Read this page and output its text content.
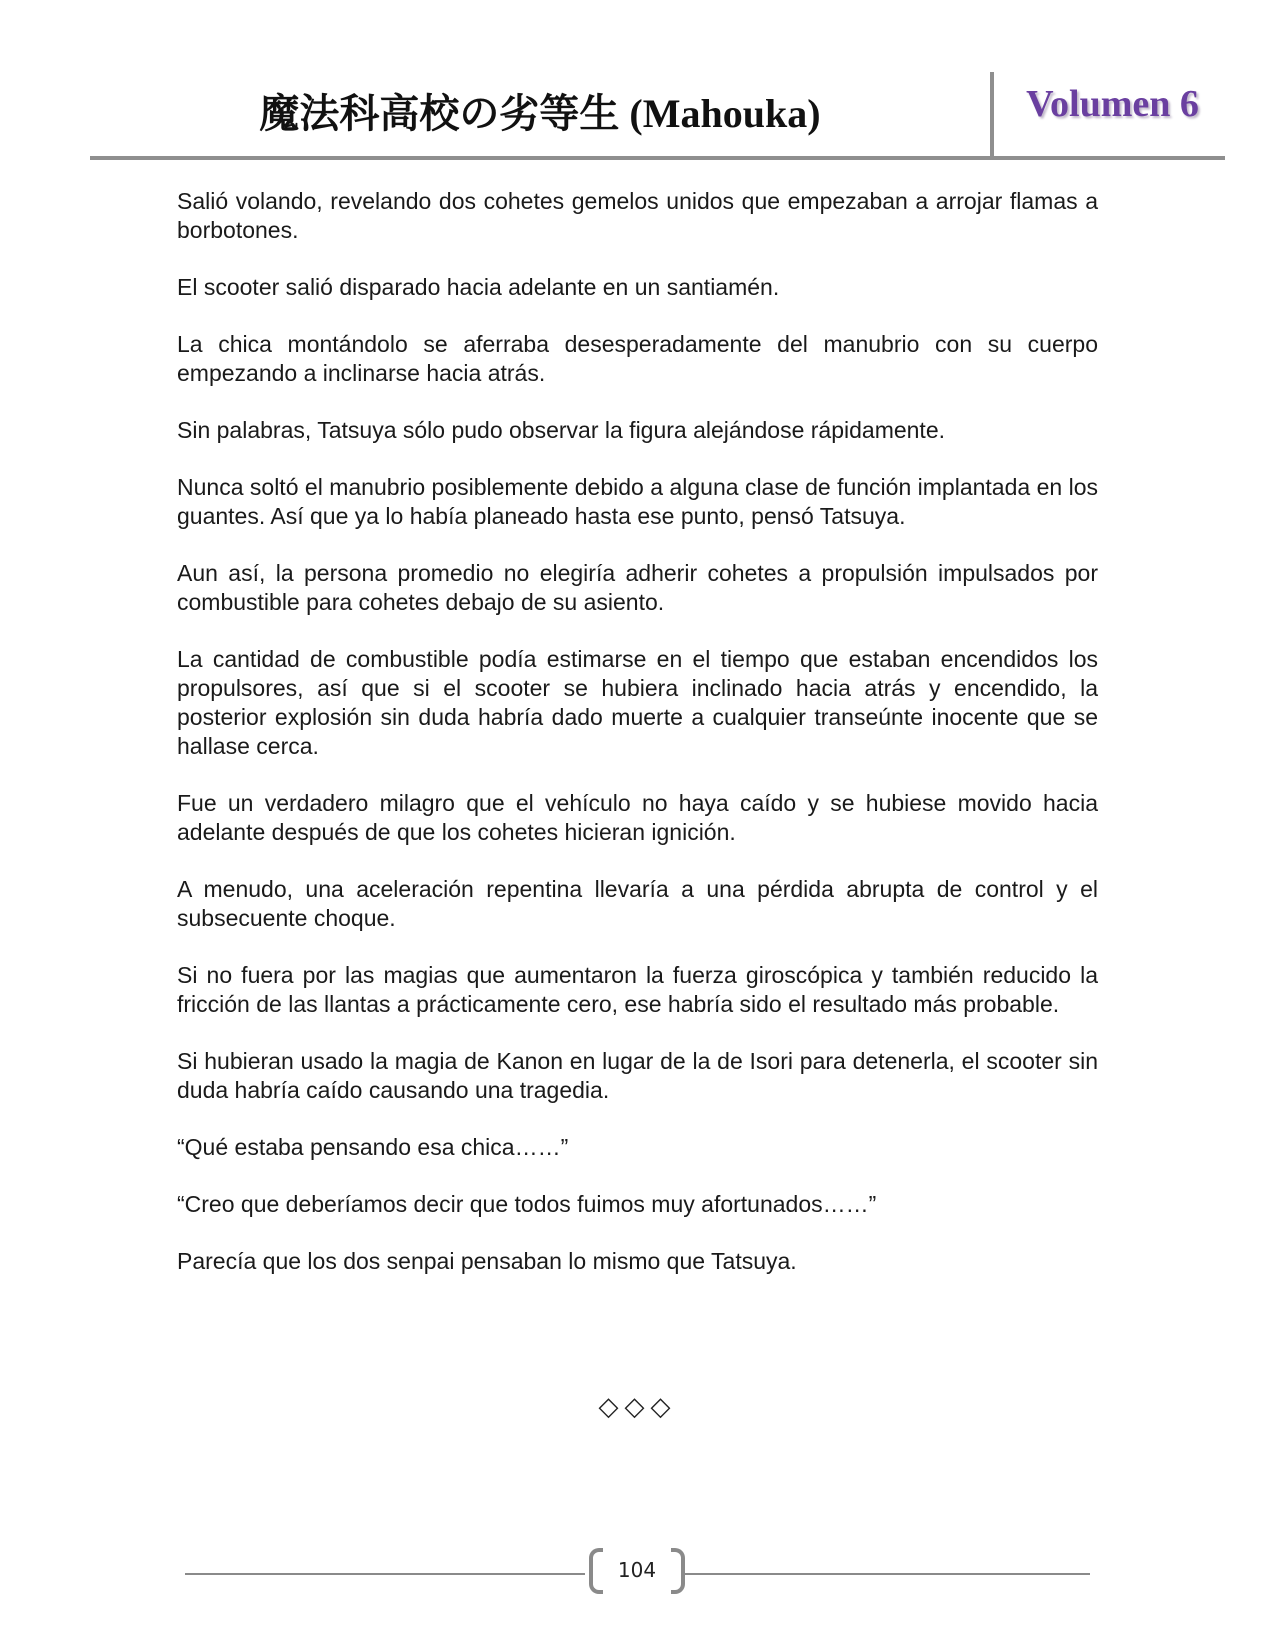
魔法科高校の劣等生 (Mahouka)	Volumen 6

Salió volando, revelando dos cohetes gemelos unidos que empezaban a arrojar flamas a borbotones.

El scooter salió disparado hacia adelante en un santiamén.

La chica montándolo se aferraba desesperadamente del manubrio con su cuerpo empezando a inclinarse hacia atrás.

Sin palabras, Tatsuya sólo pudo observar la figura alejándose rápidamente.

Nunca soltó el manubrio posiblemente debido a alguna clase de función implantada en los guantes. Así que ya lo había planeado hasta ese punto, pensó Tatsuya.

Aun así, la persona promedio no elegiría adherir cohetes a propulsión impulsados por combustible para cohetes debajo de su asiento.

La cantidad de combustible podía estimarse en el tiempo que estaban encendidos los propulsores, así que si el scooter se hubiera inclinado hacia atrás y encendido, la posterior explosión sin duda habría dado muerte a cualquier transeúnte inocente que se hallase cerca.

Fue un verdadero milagro que el vehículo no haya caído y se hubiese movido hacia adelante después de que los cohetes hicieran ignición.

A menudo, una aceleración repentina llevaría a una pérdida abrupta de control y el subsecuente choque.

Si no fuera por las magias que aumentaron la fuerza giroscópica y también reducido la fricción de las llantas a prácticamente cero, ese habría sido el resultado más probable.

Si hubieran usado la magia de Kanon en lugar de la de Isori para detenerla, el scooter sin duda habría caído causando una tragedia.

“Qué estaba pensando esa chica……”

“Creo que deberíamos decir que todos fuimos muy afortunados……”

Parecía que los dos senpai pensaban lo mismo que Tatsuya.

◇◇◇
104
